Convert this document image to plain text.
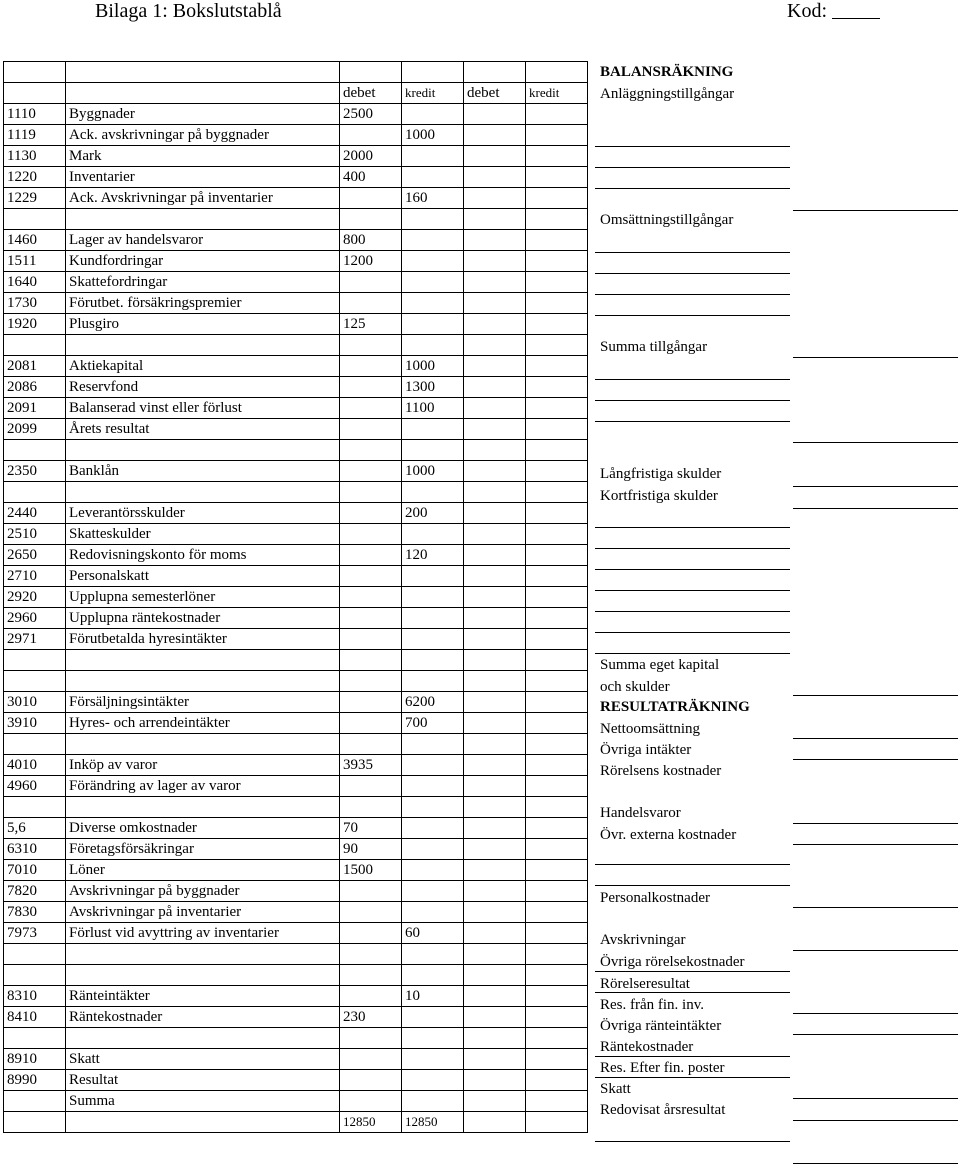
Bilaga 1: Bokslutstablå	Kod:

		debet	kredit	debet	kredit
1110	Byggnader	2500			
1119	Ack. avskrivningar på byggnader		1000		
1130	Mark	2000			
1220	Inventarier	400			
1229	Ack. Avskrivningar på inventarier		160		

1460	Lager av handelsvaror	800			
1511	Kundfordringar	1200			
1640	Skattefordringar				
1730	Förutbet. försäkringspremier				
1920	Plusgiro	125			

2081	Aktiekapital		1000		
2086	Reservfond		1300		
2091	Balanserad vinst eller förlust		1100		
2099	Årets resultat				

2350	Banklån		1000		

2440	Leverantörsskulder		200		
2510	Skatteskulder				
2650	Redovisningskonto för moms		120		
2710	Personalskatt				
2920	Upplupna semesterlöner				
2960	Upplupna räntekostnader				
2971	Förutbetalda hyresintäkter				

3010	Försäljningsintäkter		6200		
3910	Hyres- och arrendeintäkter		700		

4010	Inköp av varor	3935			
4960	Förändring av lager av varor				

5,6	Diverse omkostnader	70			
6310	Företagsförsäkringar	90			
7010	Löner	1500			
7820	Avskrivningar på byggnader				
7830	Avskrivningar på inventarier				
7973	Förlust vid avyttring av inventarier		60		

8310	Ränteintäkter		10		
8410	Räntekostnader	230			

8910	Skatt				
8990	Resultat				
	Summa				
		12850	12850		
BALANSRÄKNING
Anläggningstillgångar
Omsättningstillgångar
Summa tillgångar
Långfristiga skulder
Kortfristiga skulder
Summa eget kapital
och skulder
RESULTATRÄKNING
Nettoomsättning
Övriga intäkter
Rörelsens kostnader
Handelsvaror
Övr. externa kostnader
Personalkostnader
Avskrivningar
Övriga rörelsekostnader
Rörelseresultat
Res. från fin. inv.
Övriga ränteintäkter
Räntekostnader
Res. Efter fin. poster
Skatt
Redovisat årsresultat
